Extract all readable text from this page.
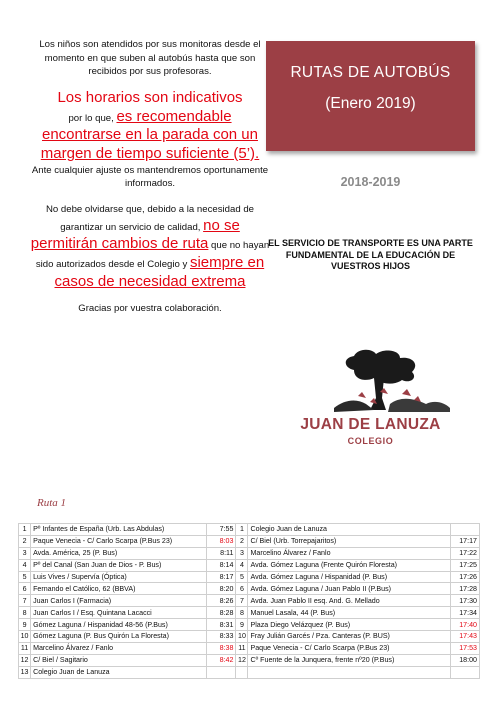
Los niños son atendidos por sus monitoras desde el momento en que suben al autobús hasta que son recibidos por sus profesoras.

Los horarios son indicativos
por lo que, es recomendable encontrarse en la parada con un margen de tiempo suficiente (5’). Ante cualquier ajuste os mantendremos oportunamente informados.

No debe olvidarse que, debido a la necesidad de garantizar un servicio de calidad, no se permitirán cambios de ruta que no hayan sido autorizados desde el Colegio y siempre en casos de necesidad extrema

Gracias por vuestra colaboración.

RUTAS DE AUTOBÚS
(Enero 2019)
2018-2019
EL SERVICIO DE TRANSPORTE ES UNA PARTE FUNDAMENTAL DE LA EDUCACIÓN DE VUESTROS HIJOS
JUAN DE LANUZA
COLEGIO
Ruta 1
1	Pº Infantes de España (Urb. Las Abdulas)	7:55	1	Colegio Juan de Lanuza	
2	Paque Venecia - C/ Carlo Scarpa (P.Bus 23)	8:03	2	C/ Biel (Urb. Torrepajaritos)	17:17
3	Avda. América, 25 (P. Bus)	8:11	3	Marcelino Álvarez / Fanlo	17:22
4	Pº del Canal (San Juan de Dios - P. Bus)	8:14	4	Avda. Gómez Laguna (Frente Quirón Floresta)	17:25
5	Luis Vives / Supervía (Óptica)	8:17	5	Avda. Gómez Laguna / Hispanidad (P. Bus)	17:26
6	Fernando el Católico, 62 (BBVA)	8:20	6	Avda. Gómez Laguna / Juan Pablo II (P.Bus)	17:28
7	Juan Carlos I (Farmacia)	8:26	7	Avda. Juan Pablo II esq. And. G. Mellado	17:30
8	Juan Carlos I / Esq. Quintana Lacacci	8:28	8	Manuel Lasala, 44 (P. Bus)	17:34
9	Gómez Laguna / Hispanidad 48-56 (P.Bus)	8:31	9	Plaza Diego Velázquez (P. Bus)	17:40
10	Gómez Laguna (P. Bus Quirón La Floresta)	8:33	10	Fray Julián Garcés / Pza. Canteras (P. BUS)	17:43
11	Marcelino Álvarez / Fanlo	8:38	11	Paque Venecia - C/ Carlo Scarpa (P.Bus 23)	17:53
12	C/ Biel / Sagitario	8:42	12	Cº Fuente de la Junquera, frente nº20 (P.Bus)	18:00
13	Colegio Juan de Lanuza				
